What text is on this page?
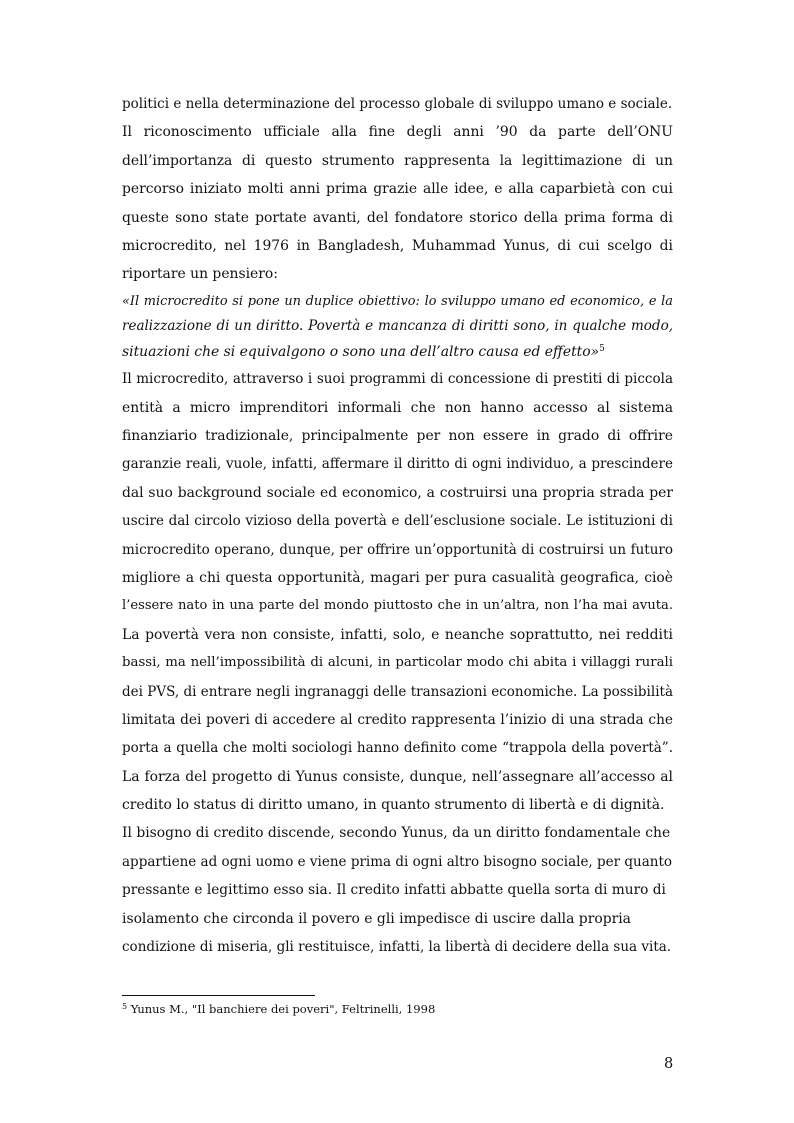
politici e nella determinazione del processo globale di sviluppo umano e sociale.
Il riconoscimento ufficiale alla fine degli anni ’90 da parte dell’ONU
dell’importanza di questo strumento rappresenta la legittimazione di un
percorso iniziato molti anni prima grazie alle idee, e alla caparbietà con cui
queste sono state portate avanti, del fondatore storico della prima forma di
microcredito, nel 1976 in Bangladesh, Muhammad Yunus, di cui scelgo di
riportare un pensiero:
«Il microcredito si pone un duplice obiettivo: lo sviluppo umano ed economico, e la
realizzazione di un diritto. Povertà e mancanza di diritti sono, in qualche modo,
situazioni che si equivalgono o sono una dell’altro causa ed effetto»$^5$
Il microcredito, attraverso i suoi programmi di concessione di prestiti di piccola
entità a micro imprenditori informali che non hanno accesso al sistema
finanziario tradizionale, principalmente per non essere in grado di offrire
garanzie reali, vuole, infatti, affermare il diritto di ogni individuo, a prescindere
dal suo background sociale ed economico, a costruirsi una propria strada per
uscire dal circolo vizioso della povertà e dell’esclusione sociale. Le istituzioni di
microcredito operano, dunque, per offrire un’opportunità di costruirsi un futuro
migliore a chi questa opportunità, magari per pura casualità geografica, cioè
l’essere nato in una parte del mondo piuttosto che in un’altra, non l’ha mai avuta.
La povertà vera non consiste, infatti, solo, e neanche soprattutto, nei redditi
bassi, ma nell’impossibilità di alcuni, in particolar modo chi abita i villaggi rurali
dei PVS, di entrare negli ingranaggi delle transazioni economiche. La possibilità
limitata dei poveri di accedere al credito rappresenta l’inizio di una strada che
porta a quella che molti sociologi hanno definito come “trappola della povertà”.
La forza del progetto di Yunus consiste, dunque, nell’assegnare all’accesso al
credito lo status di diritto umano, in quanto strumento di libertà e di dignità.
Il bisogno di credito discende, secondo Yunus, da un diritto fondamentale che
appartiene ad ogni uomo e viene prima di ogni altro bisogno sociale, per quanto
pressante e legittimo esso sia. Il credito infatti abbatte quella sorta di muro di
isolamento che circonda il povero e gli impedisce di uscire dalla propria
condizione di miseria, gli restituisce, infatti, la libertà di decidere della sua vita.
$^5$ Yunus M., "Il banchiere dei poveri", Feltrinelli, 1998
8
